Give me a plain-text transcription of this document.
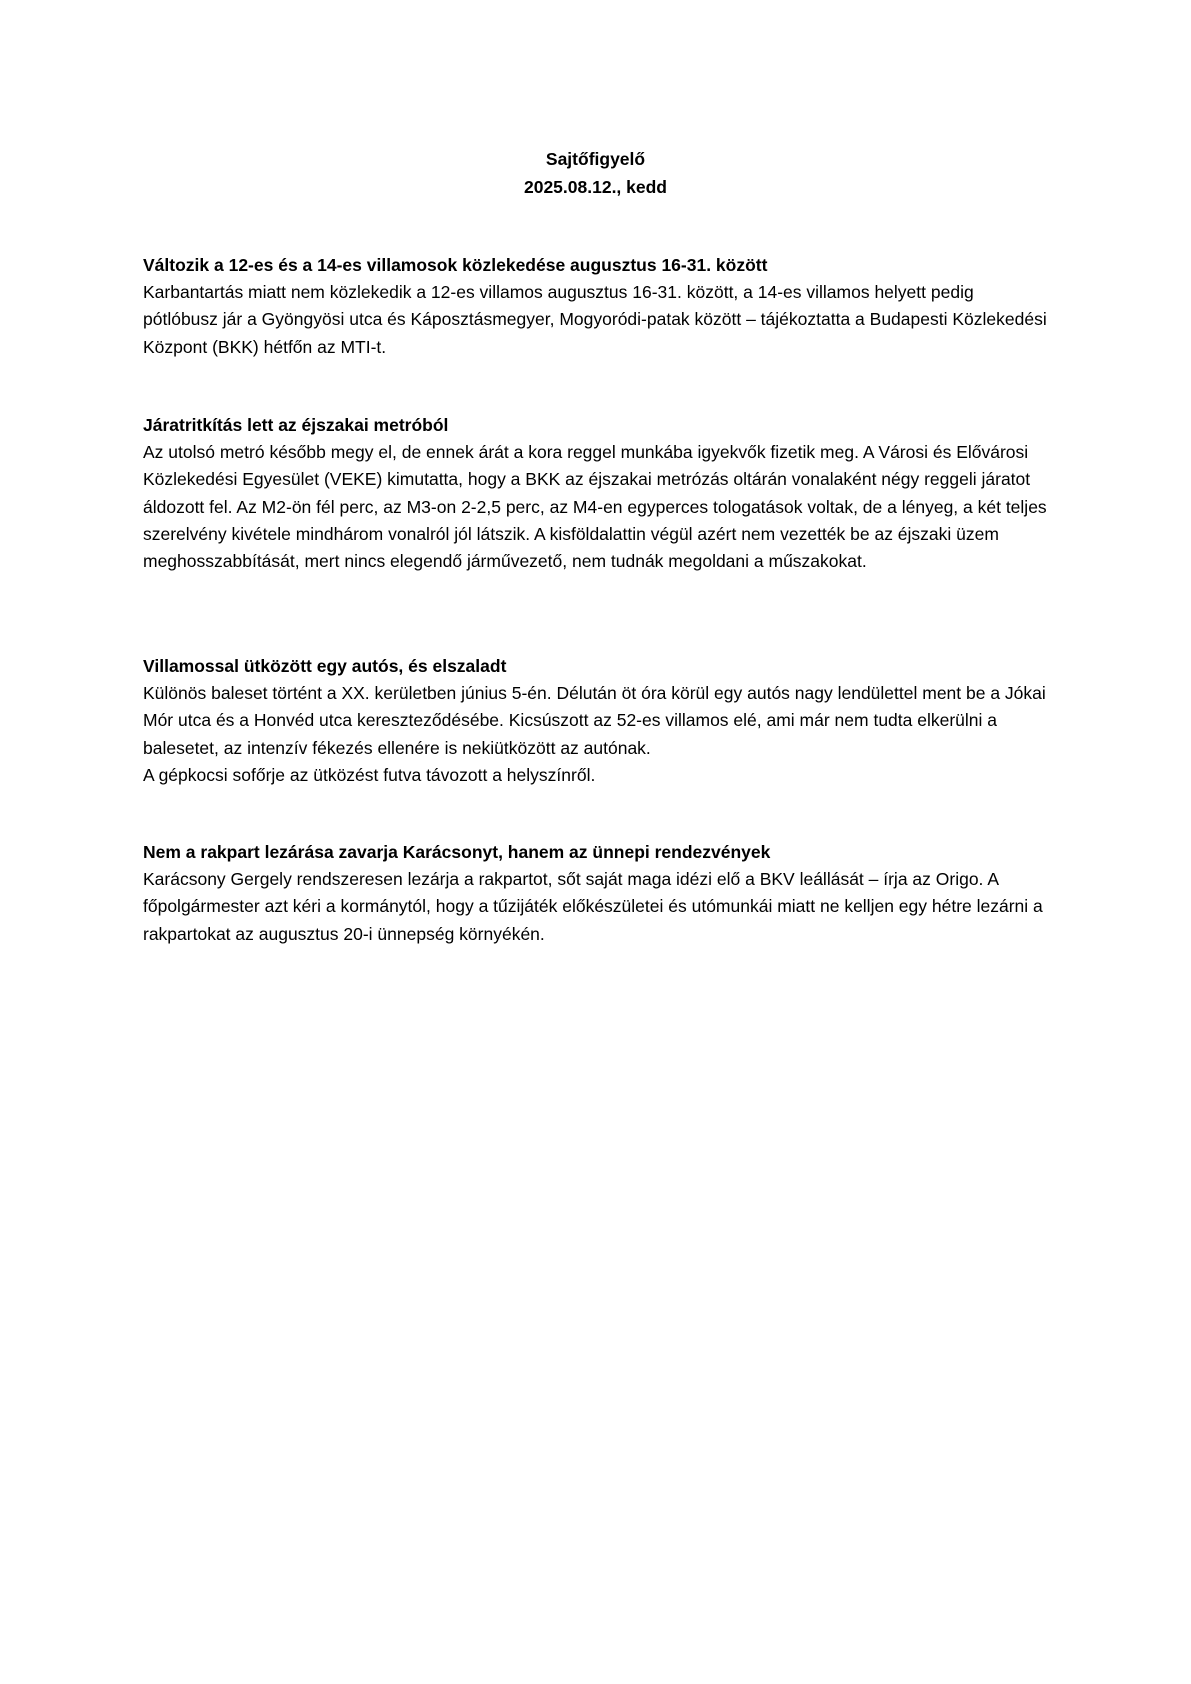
Sajtőfigyelő
2025.08.12., kedd
Változik a 12-es és a 14-es villamosok közlekedése augusztus 16-31. között

Karbantartás miatt nem közlekedik a 12-es villamos augusztus 16-31. között, a 14-es villamos helyett pedig pótlóbusz jár a Gyöngyösi utca és Káposztásmegyer, Mogyoródi-patak között – tájékoztatta a Budapesti Közlekedési Központ (BKK) hétfőn az MTI-t.

Járatritkítás lett az éjszakai metróból

Az utolsó metró később megy el, de ennek árát a kora reggel munkába igyekvők fizetik meg. A Városi és Elővárosi Közlekedési Egyesület (VEKE) kimutatta, hogy a BKK az éjszakai metrózás oltárán vonalaként négy reggeli járatot áldozott fel. Az M2-ön fél perc, az M3-on 2-2,5 perc, az M4-en egyperces tologatások voltak, de a lényeg, a két teljes szerelvény kivétele mindhárom vonalról jól látszik. A kisföldalattin végül azért nem vezették be az éjszaki üzem meghosszabbítását, mert nincs elegendő járművezető, nem tudnák megoldani a műszakokat.

Villamossal ütközött egy autós, és elszaladt

Különös baleset történt a XX. kerületben június 5-én. Délután öt óra körül egy autós nagy lendülettel ment be a Jókai Mór utca és a Honvéd utca kereszteződésébe. Kicsúszott az 52-es villamos elé, ami már nem tudta elkerülni a balesetet, az intenzív fékezés ellenére is nekiütközött az autónak.

A gépkocsi sofőrje az ütközést futva távozott a helyszínről.

Nem a rakpart lezárása zavarja Karácsonyt, hanem az ünnepi rendezvények

Karácsony Gergely rendszeresen lezárja a rakpartot, sőt saját maga idézi elő a BKV leállását – írja az Origo. A főpolgármester azt kéri a kormánytól, hogy a tűzijáték előkészületei és utómunkái miatt ne kelljen egy hétre lezárni a rakpartokat az augusztus 20-i ünnepség környékén.
